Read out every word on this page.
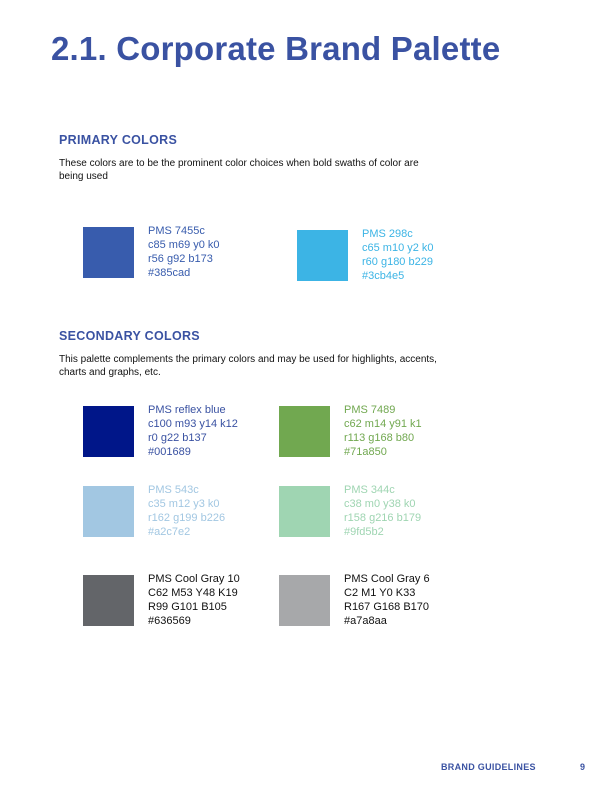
2.1. Corporate Brand Palette
PRIMARY COLORS

These colors are to be the prominent color choices when bold swaths of color are being used

PMS 7455c
c85 m69 y0 k0
r56 g92 b173
#385cad
PMS 298c
c65 m10 y2 k0
r60 g180 b229
#3cb4e5
SECONDARY COLORS

This palette complements the primary colors and may be used for highlights, accents, charts and graphs, etc.

PMS reflex blue
c100 m93 y14 k12
r0 g22 b137
#001689
PMS 7489
c62 m14 y91 k1
r113 g168 b80
#71a850
PMS 543c
c35 m12 y3 k0
r162 g199 b226
#a2c7e2
PMS 344c
c38 m0 y38 k0
r158 g216 b179
#9fd5b2
PMS Cool Gray 10
C62 M53 Y48 K19
R99 G101 B105
#636569
PMS Cool Gray 6
C2 M1 Y0 K33
R167 G168 B170
#a7a8aa
BRAND GUIDELINES	9
